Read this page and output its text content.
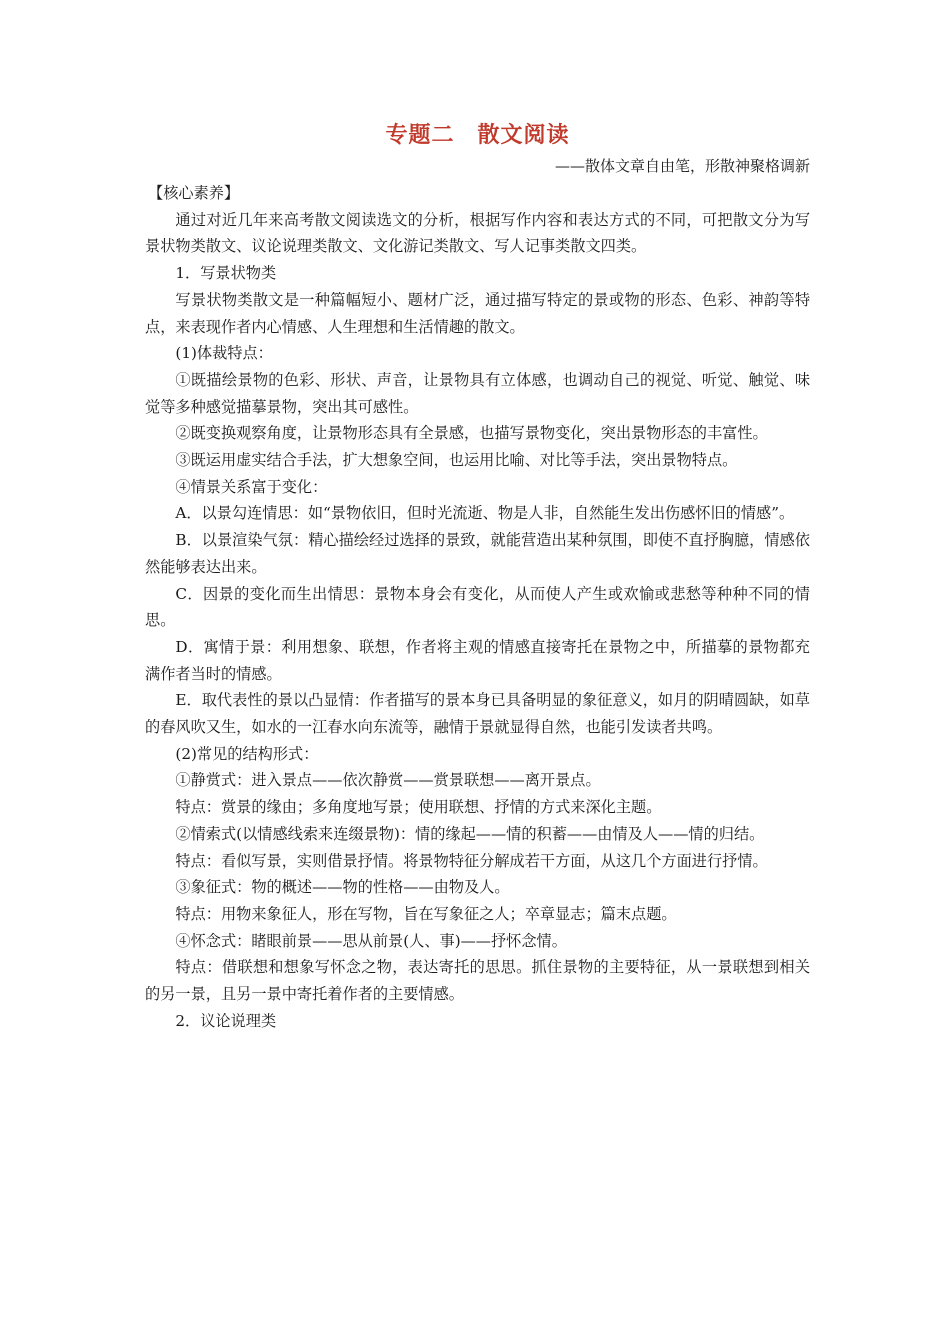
专题二　散文阅读
——散体文章自由笔，形散神聚格调新

【核心素养】

通过对近几年来高考散文阅读选文的分析，根据写作内容和表达方式的不同，可把散文分为写景状物类散文、议论说理类散文、文化游记类散文、写人记事类散文四类。

1．写景状物类

写景状物类散文是一种篇幅短小、题材广泛，通过描写特定的景或物的形态、色彩、神韵等特点，来表现作者内心情感、人生理想和生活情趣的散文。

(1)体裁特点：

①既描绘景物的色彩、形状、声音，让景物具有立体感，也调动自己的视觉、听觉、触觉、味觉等多种感觉描摹景物，突出其可感性。

②既变换观察角度，让景物形态具有全景感，也描写景物变化，突出景物形态的丰富性。

③既运用虚实结合手法，扩大想象空间，也运用比喻、对比等手法，突出景物特点。

④情景关系富于变化：

A．以景勾连情思：如“景物依旧，但时光流逝、物是人非，自然能生发出伤感怀旧的情感”。

B．以景渲染气氛：精心描绘经过选择的景致，就能营造出某种氛围，即使不直抒胸臆，情感依然能够表达出来。

C．因景的变化而生出情思：景物本身会有变化，从而使人产生或欢愉或悲愁等种种不同的情思。

D．寓情于景：利用想象、联想，作者将主观的情感直接寄托在景物之中，所描摹的景物都充满作者当时的情感。

E．取代表性的景以凸显情：作者描写的景本身已具备明显的象征意义，如月的阴晴圆缺，如草的春风吹又生，如水的一江春水向东流等，融情于景就显得自然，也能引发读者共鸣。

(2)常见的结构形式：

①静赏式：进入景点——依次静赏——赏景联想——离开景点。

特点：赏景的缘由；多角度地写景；使用联想、抒情的方式来深化主题。

②情索式(以情感线索来连缀景物)：情的缘起——情的积蓄——由情及人——情的归结。

特点：看似写景，实则借景抒情。将景物特征分解成若干方面，从这几个方面进行抒情。

③象征式：物的概述——物的性格——由物及人。

特点：用物来象征人，形在写物，旨在写象征之人；卒章显志；篇末点题。

④怀念式：睹眼前景——思从前景(人、事)——抒怀念情。

特点：借联想和想象写怀念之物，表达寄托的思思。抓住景物的主要特征，从一景联想到相关的另一景，且另一景中寄托着作者的主要情感。

2．议论说理类
